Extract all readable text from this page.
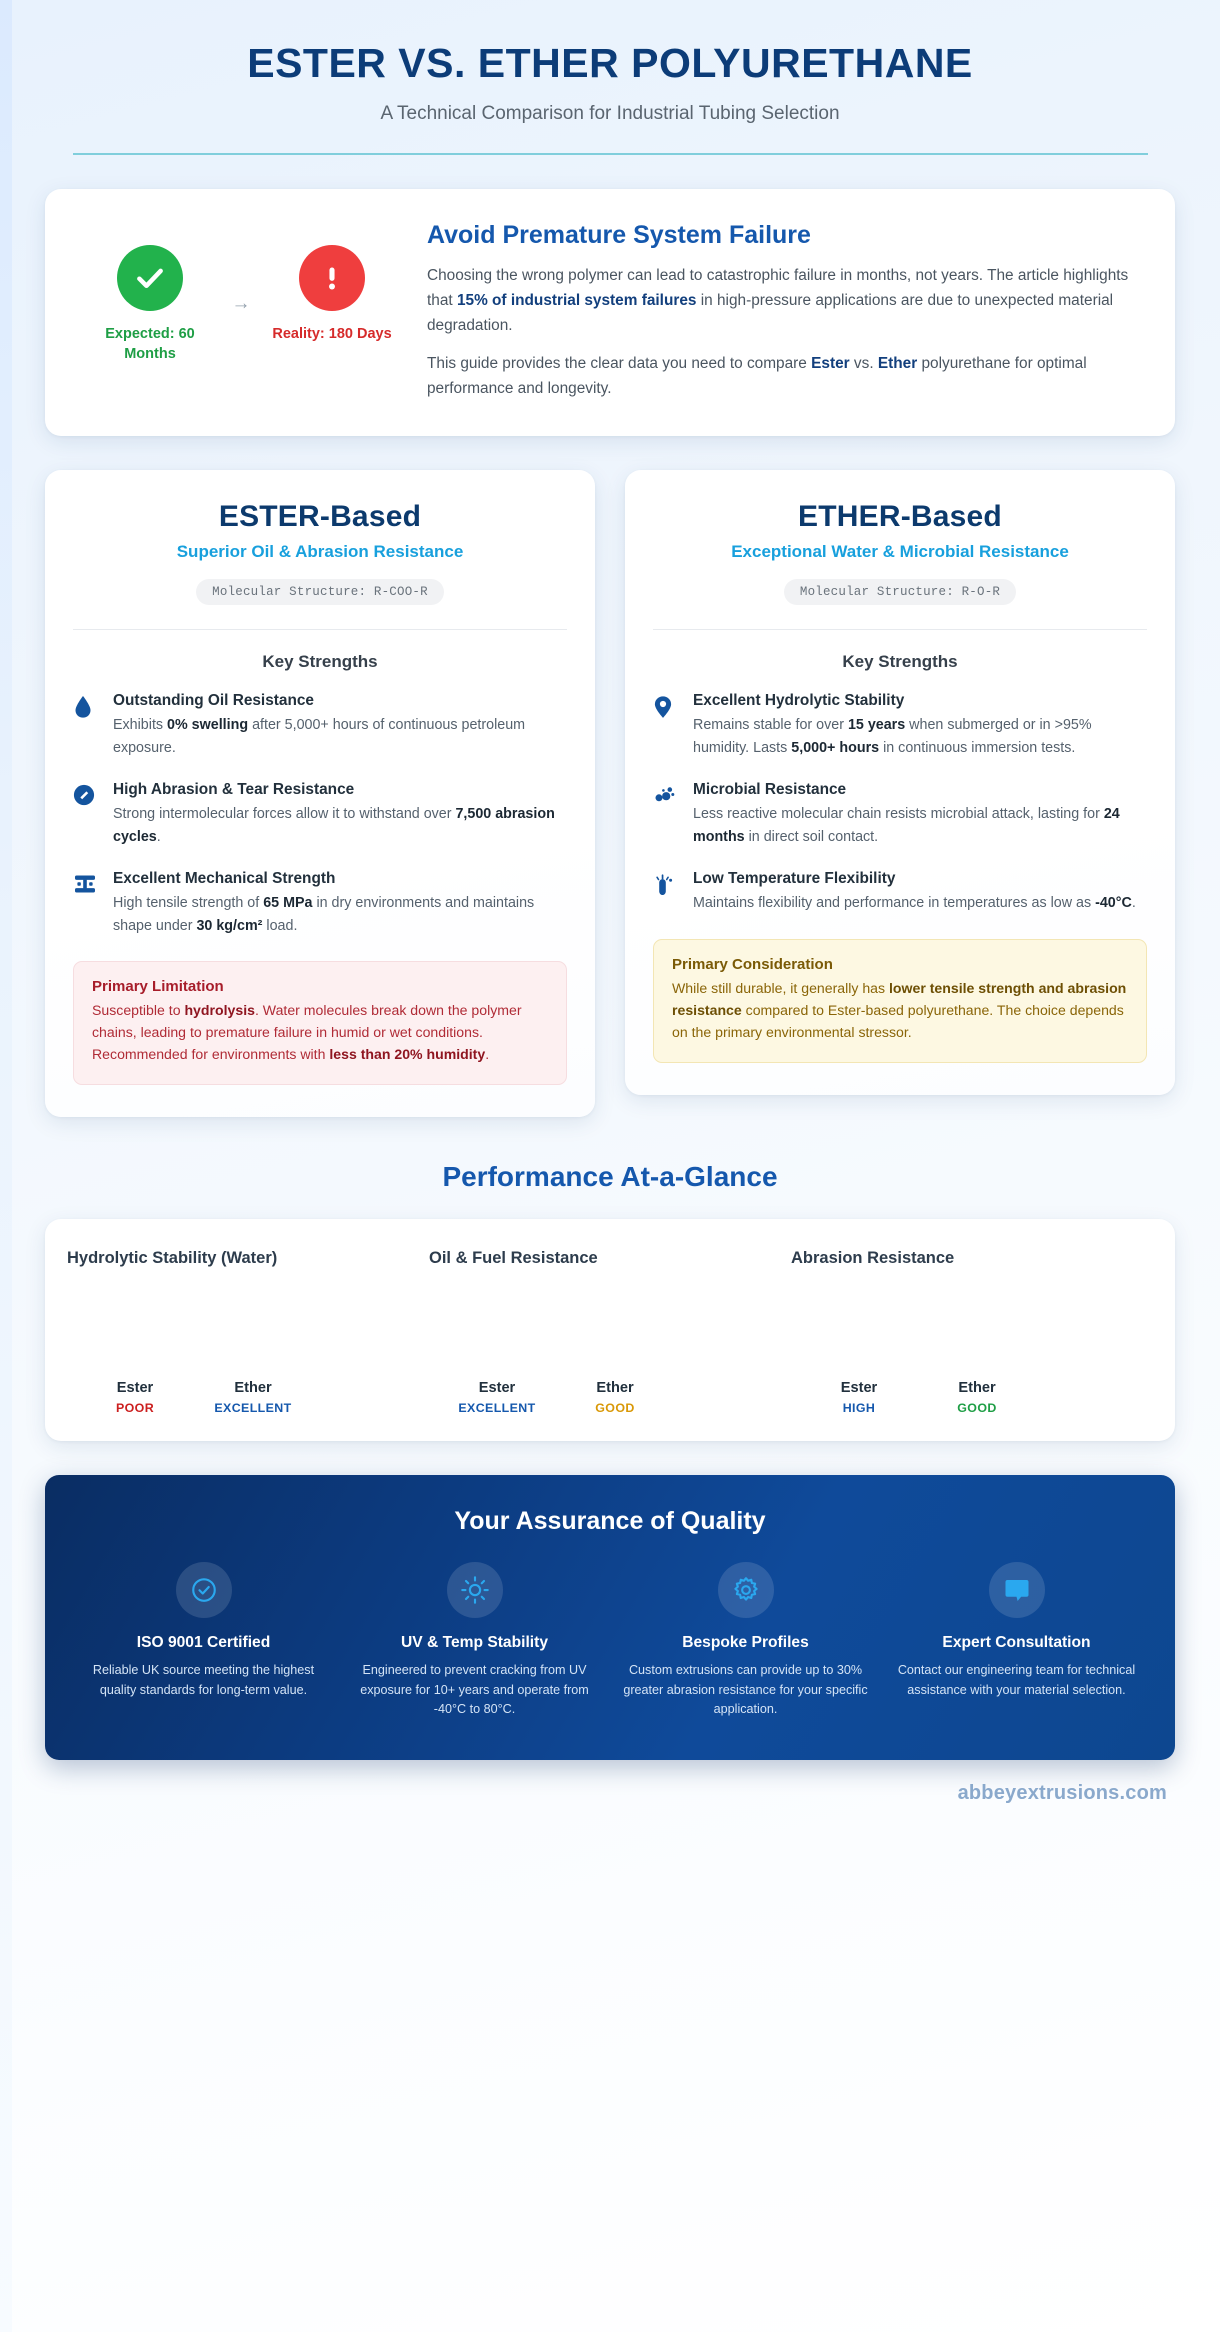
ESTER VS. ETHER POLYURETHANE
A Technical Comparison for Industrial Tubing Selection
Expected: 60 Months
→
Reality: 180 Days
Avoid Premature System Failure

Choosing the wrong polymer can lead to catastrophic failure in months, not years. The article highlights that 15% of industrial system failures in high-pressure applications are due to unexpected material degradation.

This guide provides the clear data you need to compare Ester vs. Ether polyurethane for optimal performance and longevity.

ESTER-Based
Superior Oil & Abrasion Resistance
Molecular Structure: R-COO-R
Key Strengths
Outstanding Oil Resistance
Exhibits 0% swelling after 5,000+ hours of continuous petroleum exposure.
High Abrasion & Tear Resistance
Strong intermolecular forces allow it to withstand over 7,500 abrasion cycles.
Excellent Mechanical Strength
High tensile strength of 65 MPa in dry environments and maintains shape under 30 kg/cm² load.
Primary Limitation
Susceptible to hydrolysis. Water molecules break down the polymer chains, leading to premature failure in humid or wet conditions. Recommended for environments with less than 20% humidity.
ETHER-Based
Exceptional Water & Microbial Resistance
Molecular Structure: R-O-R
Key Strengths
Excellent Hydrolytic Stability
Remains stable for over 15 years when submerged or in >95% humidity. Lasts 5,000+ hours in continuous immersion tests.
Microbial Resistance
Less reactive molecular chain resists microbial attack, lasting for 24 months in direct soil contact.
Low Temperature Flexibility
Maintains flexibility and performance in temperatures as low as -40°C.
Primary Consideration
While still durable, it generally has lower tensile strength and abrasion resistance compared to Ester-based polyurethane. The choice depends on the primary environmental stressor.
Performance At-a-Glance
Hydrolytic Stability (Water)
Ester
POOR
Ether
EXCELLENT
Oil & Fuel Resistance
Ester
EXCELLENT
Ether
GOOD
Abrasion Resistance
Ester
HIGH
Ether
GOOD
Your Assurance of Quality
ISO 9001 Certified
Reliable UK source meeting the highest quality standards for long-term value.
UV & Temp Stability
Engineered to prevent cracking from UV exposure for 10+ years and operate from -40°C to 80°C.
Bespoke Profiles
Custom extrusions can provide up to 30% greater abrasion resistance for your specific application.
Expert Consultation
Contact our engineering team for technical assistance with your material selection.
abbeyextrusions.com
